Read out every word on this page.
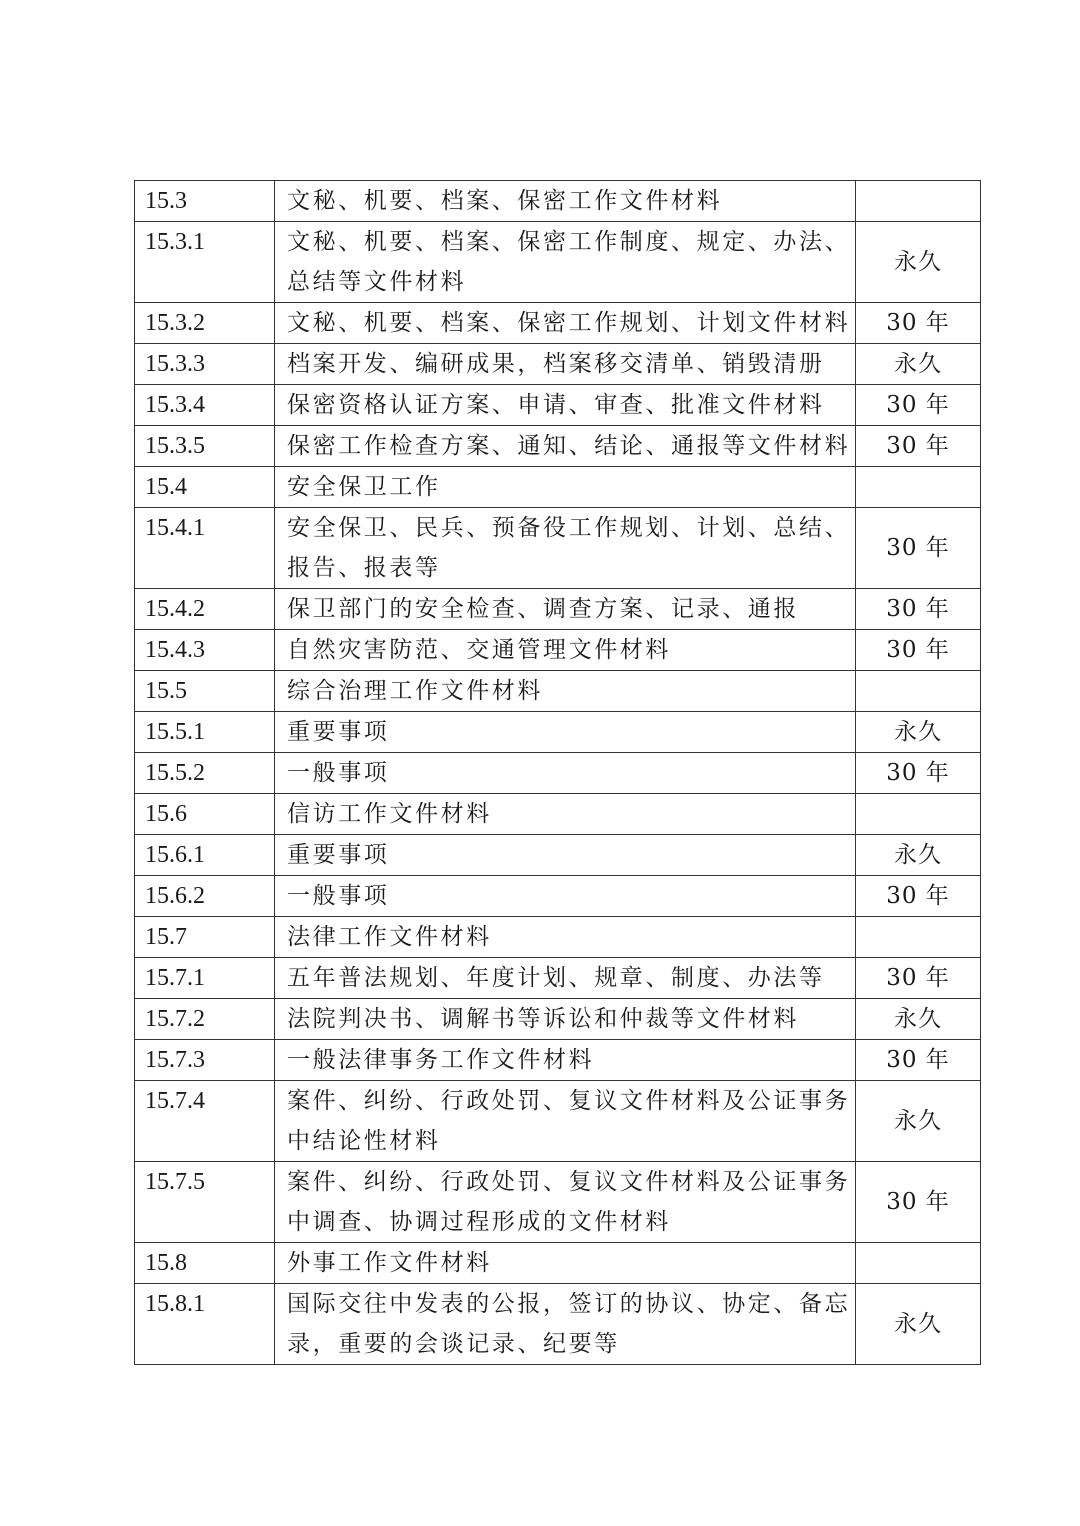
15.3	文秘、机要、档案、保密工作文件材料	
15.3.1	文秘、机要、档案、保密工作制度、规定、办法、总结等文件材料	永久
15.3.2	文秘、机要、档案、保密工作规划、计划文件材料	30 年
15.3.3	档案开发、编研成果，档案移交清单、销毁清册	永久
15.3.4	保密资格认证方案、申请、审查、批准文件材料	30 年
15.3.5	保密工作检查方案、通知、结论、通报等文件材料	30 年
15.4	安全保卫工作	
15.4.1	安全保卫、民兵、预备役工作规划、计划、总结、报告、报表等	30 年
15.4.2	保卫部门的安全检查、调查方案、记录、通报	30 年
15.4.3	自然灾害防范、交通管理文件材料	30 年
15.5	综合治理工作文件材料	
15.5.1	重要事项	永久
15.5.2	一般事项	30 年
15.6	信访工作文件材料	
15.6.1	重要事项	永久
15.6.2	一般事项	30 年
15.7	法律工作文件材料	
15.7.1	五年普法规划、年度计划、规章、制度、办法等	30 年
15.7.2	法院判决书、调解书等诉讼和仲裁等文件材料	永久
15.7.3	一般法律事务工作文件材料	30 年
15.7.4	案件、纠纷、行政处罚、复议文件材料及公证事务中结论性材料	永久
15.7.5	案件、纠纷、行政处罚、复议文件材料及公证事务中调查、协调过程形成的文件材料	30 年
15.8	外事工作文件材料	
15.8.1	国际交往中发表的公报，签订的协议、协定、备忘录，重要的会谈记录、纪要等	永久
